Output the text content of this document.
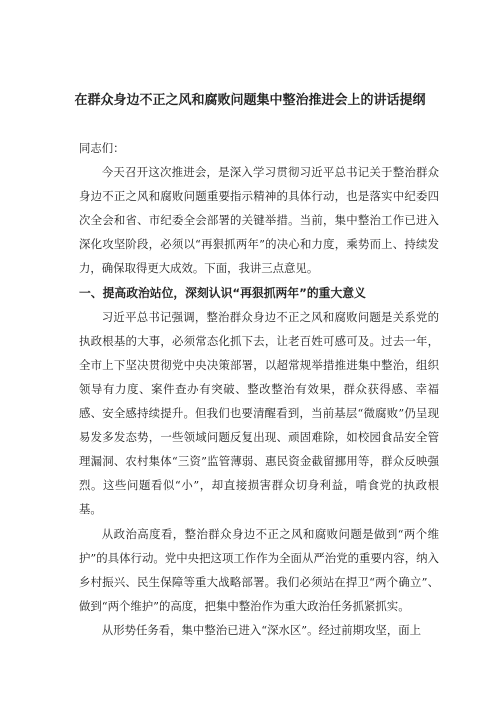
在群众身边不正之风和腐败问题集中整治推进会上的讲话提纲

同志们：

今天召开这次推进会，是深入学习贯彻习近平总书记关于整治群众身边不正之风和腐败问题重要指示精神的具体行动，也是落实中纪委四次全会和省、市纪委全会部署的关键举措。当前，集中整治工作已进入深化攻坚阶段，必须以“再狠抓两年”的决心和力度，乘势而上、持续发力，确保取得更大成效。下面，我讲三点意见。

一、提高政治站位，深刻认识“再狠抓两年”的重大意义

习近平总书记强调，整治群众身边不正之风和腐败问题是关系党的执政根基的大事，必须常态化抓下去，让老百姓可感可及。过去一年，全市上下坚决贯彻党中央决策部署，以超常规举措推进集中整治，组织领导有力度、案件查办有突破、整改整治有效果，群众获得感、幸福感、安全感持续提升。但我们也要清醒看到，当前基层“微腐败”仍呈现易发多发态势，一些领域问题反复出现、顽固难除，如校园食品安全管理漏洞、农村集体“三资”监管薄弱、惠民资金截留挪用等，群众反映强烈。这些问题看似“小”，却直接损害群众切身利益，啃食党的执政根基。

从政治高度看，整治群众身边不正之风和腐败问题是做到“两个维护”的具体行动。党中央把这项工作作为全面从严治党的重要内容，纳入乡村振兴、民生保障等重大战略部署。我们必须站在捍卫“两个确立”、做到“两个维护”的高度，把集中整治作为重大政治任务抓紧抓实。

从形势任务看，集中整治已进入“深水区”。经过前期攻坚，面上
